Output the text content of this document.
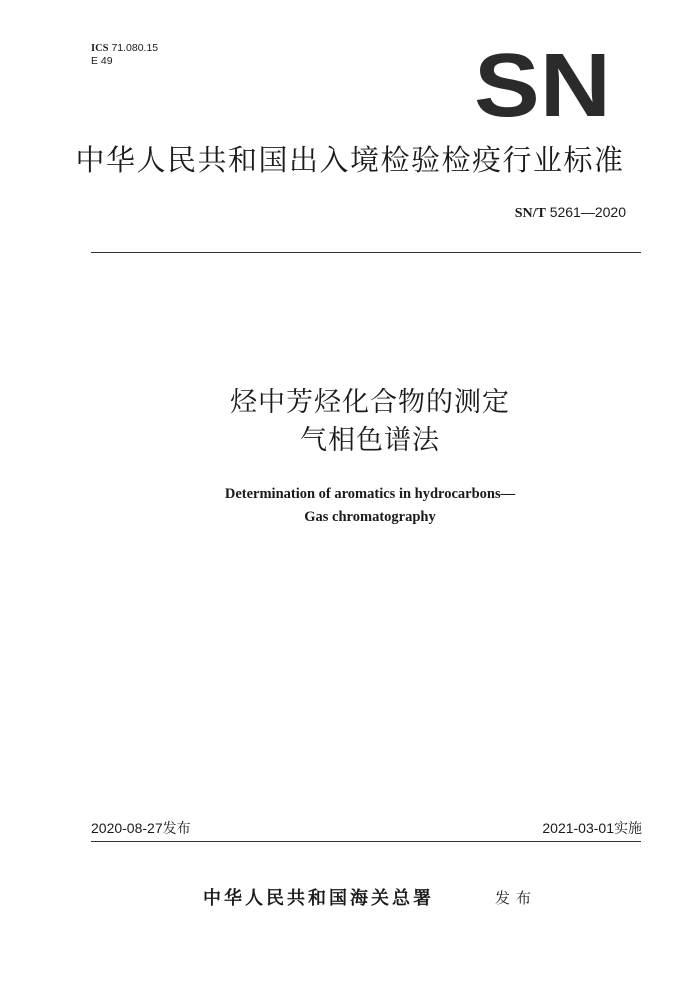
ICS 71.080.15
E 49	SN
中华人民共和国出入境检验检疫行业标准
SN/T 5261—2020
烃中芳烃化合物的测定
气相色谱法
Determination of aromatics in hydrocarbons—
Gas chromatography
2020-08-27发布	2021-03-01实施
中华人民共和国海关总署	发布
